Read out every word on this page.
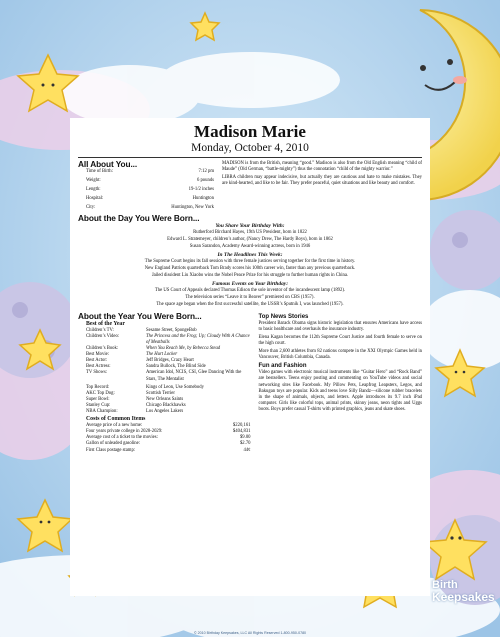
Madison Marie
Monday, October 4, 2010
All About You...
Time of Birth:	7:12 pm
Weight:	6 pounds
Length:	19-1/2 inches
Hospital:	Huntington
City:	Huntington, New York
MADISON is from the British, meaning “good.” Madison is also from the Old English meaning “child of Maude” (Old German, “battle-mighty”) thus the connotation “child of the mighty warrior.”
LIBRA children may appear indecisive, but actually they are cautious and hate to make mistakes. They are kind-hearted, and like to be fair. They prefer peaceful, quiet situations and like beauty and comfort.
About the Day You Were Born...
You Share Your Birthday With:
Rutherford Birchard Hayes, 19th US President, born in 1822
Edward L. Stratemeyer, children’s author, (Nancy Drew, The Hardy Boys), born in 1862
Susan Sarandon, Academy Award-winning actress, born in 1946
In The Headlines This Week:
The Supreme Court begins its fall session with three female justices serving together for the first time in history.
New England Patriots quarterback Tom Brady scores his 100th career win, faster than any previous quarterback.
Jailed dissident Liu Xiaobo wins the Nobel Peace Prize for his struggle to further human rights in China.
Famous Events on Your Birthday:
The US Court of Appeals declared Thomas Edison the sole inventor of the incandescent lamp (1892).
The television series “Leave it to Beaver” premiered on CBS (1957).
The space age began when the first successful satellite, the USSR’s Sputnik I, was launched (1957).
About the Year You Were Born...
Best of the Year
Children’s TV:	Sesame Street, SpongeBob
Children’s Video:	The Princess and the Frog; Up; Cloudy With A Chance of Meatballs
Children’s Book:	When You Reach Me, by Rebecca Stead
Best Movie:	The Hurt Locker
Best Actor:	Jeff Bridges, Crazy Heart
Best Actress:	Sandra Bullock, The Blind Side
TV Shows:	American Idol, NCIS, CSI, Glee Dancing With the Stars, The Mentalist
Top Record:	Kings of Leon, Use Somebody
AKC Top Dog:	Scottish Terrier
Super Bowl:	New Orleans Saints
Stanley Cup:	Chicago Blackhawks
NBA Champion:	Los Angeles Lakers
Costs of Common Items
Average price of a new home:	$220,161
Four years private college in 2028-2029:	$404,831
Average cost of a ticket to the movies:	$9.00
Gallon of unleaded gasoline:	$2.70
First Class postage stamp:	44¢
Top News Stories
President Barack Obama signs historic legislation that ensures Americans have access to basic healthcare and overhauls the insurance industry.
Elena Kagan becomes the 112th Supreme Court Justice and fourth female to serve on the high court.
More than 2,600 athletes from 82 nations compete in the XXI Olympic Games held in Vancouver, British Columbia, Canada.
Fun and Fashion
Video games with electronic musical instruments like “Guitar Hero” and “Rock Band” are bestsellers. Teens enjoy posting and commenting on YouTube videos and social networking sites like Facebook. My Pillow Pets, Leapfrog Leapsters, Legos, and Bakugan toys are popular. Kids and teens love Silly Bandz—silicone rubber bracelets in the shape of animals, objects, and letters. Apple introduces its 9.7 inch iPad computer. Girls like colorful tops, animal prints, skinny jeans, neon tights and Uggs boots. Boys prefer casual T-shirts with printed graphics, jeans and skate shoes.
Birth
Keepsakes
© 2010 Birthday Keepsakes, LLC All Rights Reserved 1-800-950-0780
